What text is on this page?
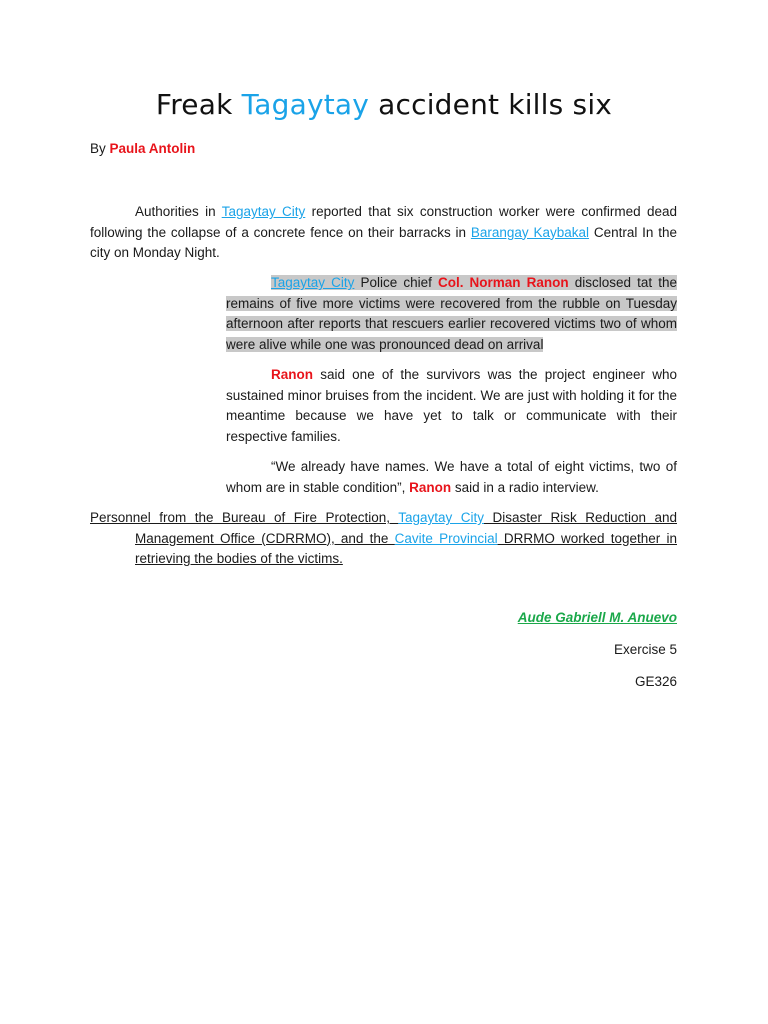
Freak Tagaytay accident kills six
By Paula Antolin
Authorities in Tagaytay City reported that six construction worker were confirmed dead following the collapse of a concrete fence on their barracks in Barangay Kaybakal Central In the city on Monday Night.
Tagaytay City Police chief Col. Norman Ranon disclosed tat the remains of five more victims were recovered from the rubble on Tuesday afternoon after reports that rescuers earlier recovered victims two of whom were alive while one was pronounced dead on arrival
Ranon said one of the survivors was the project engineer who sustained minor bruises from the incident. We are just with holding it for the meantime because we have yet to talk or communicate with their respective families.
“We already have names. We have a total of eight victims, two of whom are in stable condition”, Ranon said in a radio interview.
Personnel from the Bureau of Fire Protection, Tagaytay City Disaster Risk Reduction and Management Office (CDRRMO), and the Cavite Provincial DRRMO worked together in retrieving the bodies of the victims.
Aude Gabriell M. Anuevo
Exercise 5
GE326
